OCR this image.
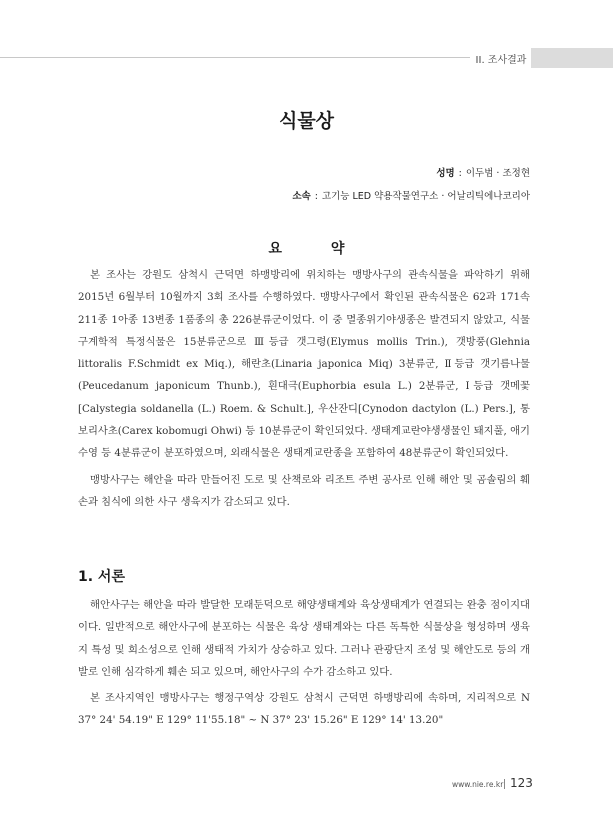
II. 조사결과
식물상
성명 : 이두범 · 조정현
소속 : 고기능 LED 약용작물연구소 · 어날리틱에나코리아
요 약

본 조사는 강원도 삼척시 근덕면 하맹방리에 위치하는 맹방사구의 관속식물을 파악하기 위해 2015년 6월부터 10월까지 3회 조사를 수행하였다. 맹방사구에서 확인된 관속식물은 62과 171속 211종 1아종 13변종 1품종의 총 226분류군이었다. 이 중 멸종위기야생종은 발견되지 않았고, 식물구계학적 특정식물은 15분류군으로 Ⅲ등급 갯그령(Elymus mollis Trin.), 갯방풍(Glehnia littoralis F.Schmidt ex Miq.), 해란초(Linaria japonica Miq) 3분류군, Ⅱ등급 갯기름나물(Peucedanum japonicum Thunb.), 흰대극(Euphorbia esula L.) 2분류군, Ⅰ등급 갯메꽃[Calystegia soldanella (L.) Roem. & Schult.], 우산잔디[Cynodon dactylon (L.) Pers.], 통보리사초(Carex kobomugi Ohwi) 등 10분류군이 확인되었다. 생태계교란야생생물인 돼지풀, 애기수영 등 4분류군이 분포하였으며, 외래식물은 생태계교란종을 포함하여 48분류군이 확인되었다.

맹방사구는 해안을 따라 만들어진 도로 및 산책로와 리조트 주변 공사로 인해 해안 및 곰솔림의 훼손과 침식에 의한 사구 생육지가 감소되고 있다.

1. 서론

해안사구는 해안을 따라 발달한 모래둔덕으로 해양생태계와 육상생태계가 연결되는 완충 점이지대이다. 일반적으로 해안사구에 분포하는 식물은 육상 생태계와는 다른 독특한 식물상을 형성하며 생육지 특성 및 희소성으로 인해 생태적 가치가 상승하고 있다. 그러나 관광단지 조성 및 해안도로 등의 개발로 인해 심각하게 훼손 되고 있으며, 해안사구의 수가 감소하고 있다.

본 조사지역인 맹방사구는 행정구역상 강원도 삼척시 근덕면 하맹방리에 속하며, 지리적으로 N 37° 24' 54.19" E 129° 11'55.18" ~ N 37° 23' 15.26" E 129° 14' 13.20"

www.nie.re.kr 123
